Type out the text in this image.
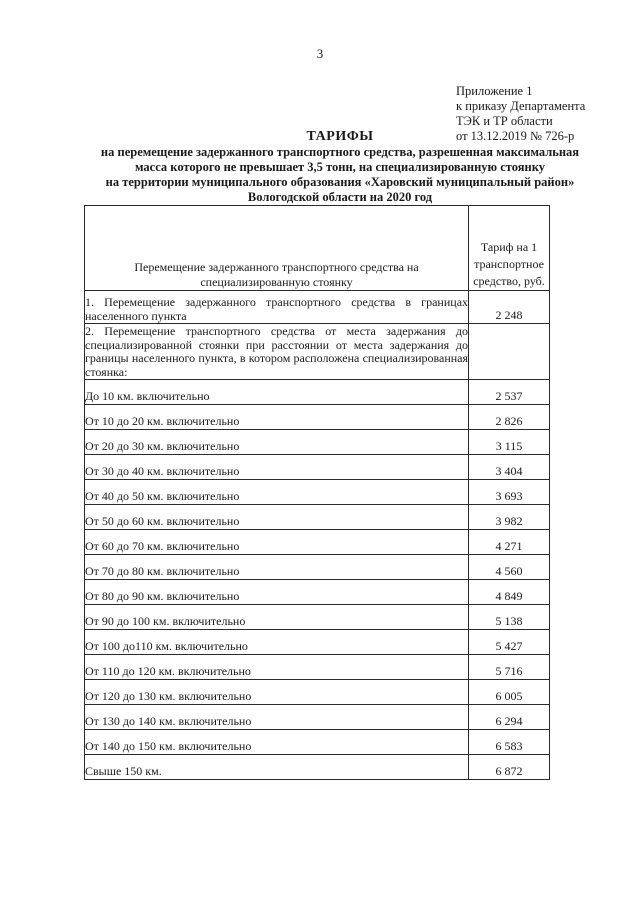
3
Приложение 1
к приказу Департамента
ТЭК и ТР области
от 13.12.2019 № 726-р
ТАРИФЫ
на перемещение задержанного транспортного средства, разрешенная максимальная
масса которого не превышает 3,5 тонн, на специализированную стоянку
на территории муниципального образования «Харовский муниципальный район»
Вологодской области на 2020 год
Перемещение задержанного транспортного средства на специализированную стоянку	Тариф на 1 транспортное средство, руб.
1. Перемещение задержанного транспортного средства в границах населенного пункта	2 248
2. Перемещение транспортного средства от места задержания до специализированной стоянки при расстоянии от места задержания до границы населенного пункта, в котором расположена специализированная стоянка:	
До 10 км. включительно	2 537
От 10 до 20 км. включительно	2 826
От 20 до 30 км. включительно	3 115
От 30 до 40 км. включительно	3 404
От 40 до 50 км. включительно	3 693
От 50 до 60 км. включительно	3 982
От 60 до 70 км. включительно	4 271
От 70 до 80 км. включительно	4 560
От 80 до 90 км. включительно	4 849
От 90 до 100 км. включительно	5 138
От 100 до110 км. включительно	5 427
От 110 до 120 км. включительно	5 716
От 120 до 130 км. включительно	6 005
От 130 до 140 км. включительно	6 294
От 140 до 150 км. включительно	6 583
Свыше 150 км.	6 872
